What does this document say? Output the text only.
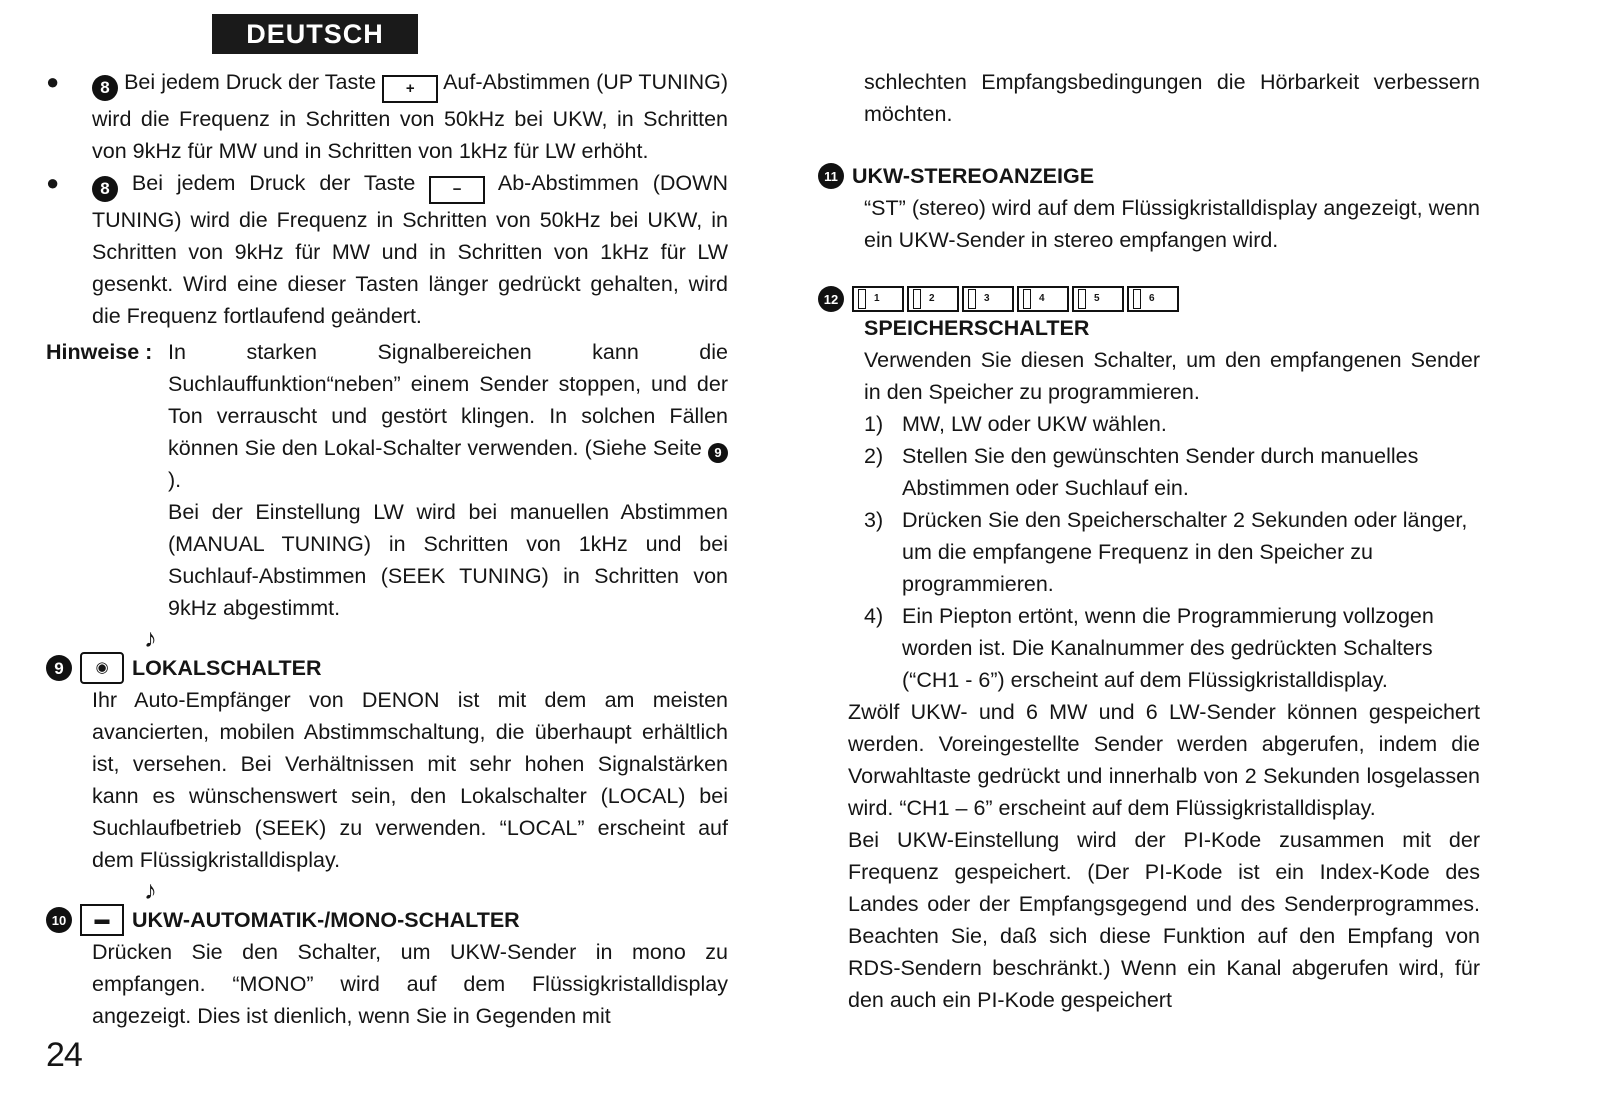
DEUTSCH
●	8 Bei jedem Druck der Taste + Auf-Abstimmen (UP TUNING) wird die Frequenz in Schritten von 50kHz bei UKW, in Schritten von 9kHz für MW und in Schritten von 1kHz für LW erhöht.

●	8 Bei jedem Druck der Taste	− Ab-Abstimmen (DOWN TUNING) wird die Frequenz in Schritten von 50kHz bei UKW, in Schritten von 9kHz für MW und in Schritten von 1kHz für LW gesenkt. Wird eine dieser Tasten länger gedrückt gehalten, wird die Frequenz fortlaufend geändert.

Hinweise : In starken Signalbereichen kann die Suchlauffunktion“neben” einem Sender stoppen, und der Ton verrauscht und gestört klingen. In solchen Fällen können Sie den Lokal-Schalter verwenden. (Siehe Seite 9 ).

Bei der Einstellung LW wird bei manuellen Abstimmen (MANUAL TUNING) in Schritten von 1kHz und bei Suchlauf-Abstimmen (SEEK TUNING) in Schritten von 9kHz abgestimmt.

♪
9	◉	LOKALSCHALTER

Ihr Auto-Empfänger von DENON ist mit dem am meisten avancierten, mobilen Abstimmschaltung, die überhaupt erhältlich ist, versehen. Bei Verhältnissen mit sehr hohen Signalstärken kann es wünschenswert sein, den Lokalschalter (LOCAL) bei Suchlaufbetrieb (SEEK) zu verwenden. “LOCAL” erscheint auf dem Flüssigkristalldisplay.

♪
10	▬	UKW-AUTOMATIK-/MONO-SCHALTER

Drücken Sie den Schalter, um UKW-Sender in mono zu empfangen. “MONO” wird auf dem Flüssigkristalldisplay angezeigt. Dies ist dienlich, wenn Sie in Gegenden mit

24

schlechten Empfangsbedingungen die Hörbarkeit verbessern möchten.

11 UKW-STEREOANZEIGE

“ST” (stereo) wird auf dem Flüssigkristalldisplay angezeigt, wenn ein UKW-Sender in stereo empfangen wird.

12	1	2	3	4	5	6
SPEICHERSCHALTER

Verwenden Sie diesen Schalter, um den empfangenen Sender in den Speicher zu programmieren.

1) MW, LW oder UKW wählen.
2) Stellen Sie den gewünschten Sender durch manuelles Abstimmen oder Suchlauf ein.
3) Drücken Sie den Speicherschalter 2 Sekunden oder länger, um die empfangene Frequenz in den Speicher zu programmieren.
4) Ein Piepton ertönt, wenn die Programmierung vollzogen worden ist. Die Kanalnummer des gedrückten Schalters (“CH1 - 6”) erscheint auf dem Flüssigkristalldisplay.

Zwölf UKW- und 6 MW und 6 LW-Sender können gespeichert werden. Voreingestellte Sender werden abgerufen, indem die Vorwahltaste gedrückt und innerhalb von 2 Sekunden losgelassen wird. “CH1 – 6” erscheint auf dem Flüssigkristalldisplay.

Bei UKW-Einstellung wird der PI-Kode zusammen mit der Frequenz gespeichert. (Der PI-Kode ist ein Index-Kode des Landes oder der Empfangsgegend und des Senderprogrammes. Beachten Sie, daß sich diese Funktion auf den Empfang von RDS-Sendern beschränkt.) Wenn ein Kanal abgerufen wird, für den auch ein PI-Kode gespeichert
